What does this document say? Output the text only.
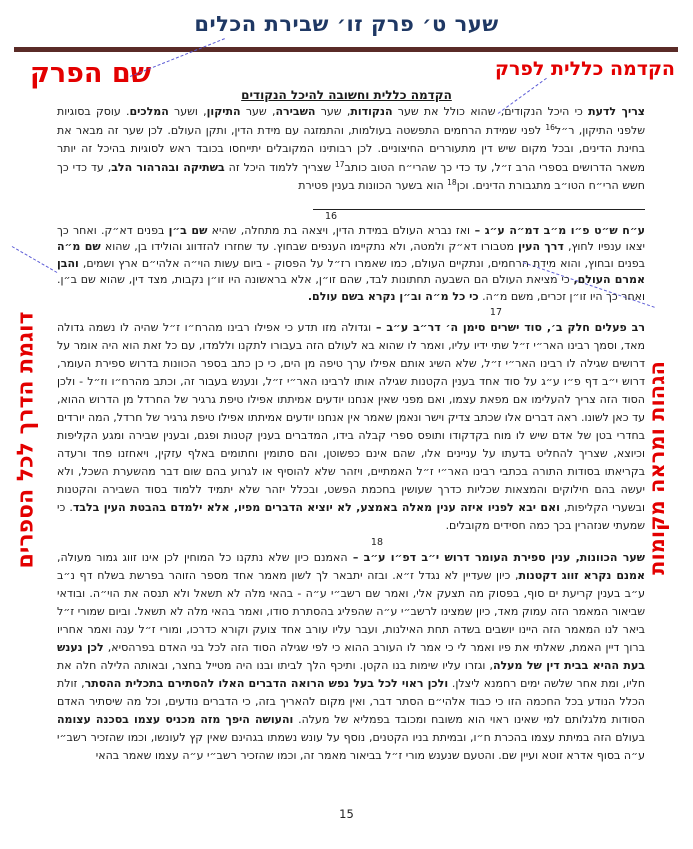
שער ט׳ פרק זו׳ שבירת הכלים
הקדמה כללית לפרק
שם הפרק
הקדמה כללית וחשובה להיכל הנקודים

צריך לדעת כי היכל הנקודים, שהוא כולל את שער הנקודות, שער השבירה, שער התיקון, ושער המלכים. עוסק בסוגיות שלפני התיקון, ר״ל$^{16}$ לפני שמידת הרחמים התפשטה בעולמות, והתמזגה עם מידת הדין, ותקן העולם. לכן שער זה מבאר את בחינת הדינים, ובכל מקום שיש דין מתעוררים החיצוניים. לכן רבותינו המקובלים יתייחסו בכובד ראש לסוגיות בהיכל זה יותר משאר הדרושים בספרי הרב ז״ל, עד כדי כך שהרי״ח הטוב כותב$^{17}$ שצריך ללמוד היכל זה בשתיקה ובהרהור הלב, עד כדי כך חשש הרי״ח הטו״ב מתגבורת הדינים. וכן$^{18}$ הוא בשער הכוונות בענין פטירת

16

ע״ח ש״ט פ״ו מ״ב דמ״ה ע״ג – ואז נברא העולם במידת הדין, ויצאה בת מתחלה, שהיא שם ב״ן בפנים דא״ק. ואחר כך יצאו ענפיו לחוץ, דרך העין מטבורו דא״ק ולמטה, ולא נתקיימו הענפים שבחוץ. עד שחזרו להזדווג והולידו בן, שהוא שם מ״ה בפנים ובחוץ, והוא מידת הרחמים, ונתקיים העולם, כמו שאמרו רז״ל על הפסוק - ביום עשות הוי״ה אלהי״ם ארץ ושמים, והבן אמרם העולם, כי מציאת העולם הם השבעה תחתונות לבד, שהם זו״ן, אלא בראשונה היו זו״ן נקבות, מצד דין, שהוא שם ב״ן. ואחר כך היו זו״ן זכרים, משם מ״ה. כי כל מ״ה וב״ן נקרא בשם עולם.

17

רב פעלים חלק ב׳, סוד ישרים סימן ה׳ דר״ב ע״ב – וגדולה מזו תדע כי אפילו רבינו מהרח״ו ז״ל שהיה לו נשמה גדולה מאד, וסמך רבינו האר״י ז״ל שתי ידיו עליו, ואמר לו שהוא בא לעולם הזה בעבורו לתקנו וללמדו, עם כל זאת הוא היה אומר על דרושים שגילה לו רבינו האר״י ז״ל, שלא השיג אותם אפילו ערך טיפה מן הים, כי כן כתב בספר הכוונות בדרוש ספירת העומר, דרוש י״ב דף פ״ו ע״ג על סוד אחד בענין הקטנות שגילה אותו לרבינו האר״י ז״ל, ונענש בעבור זה, וכתב מהרח״ו וז״ל - ולכן הסוד הזה צריך להעלימו אם מפאת עצמו, ואם מפני שאין אנחנו יודעים אמיתתו אפילו טיפת גרגיר של החרדל מן הדרוש ההוא, עד כאן לשונו. ראה דברים אלו שכתב צדיק וישר ונאמן שאמר אין אנחנו יודעים אמיתתו אפילו טיפת גרגיר של חרדל, המה יורדים בחדרי בטן של אדם שיש לו מוח בקדקודו ותופס ספרי קבלה בידו, המדברים בענין קטנות ופגם, ובענין שבירה ומגע הקליפות וכיוצא, שצריך להחליט בדעתו על עניינים אלו, שהם אינם כפשוטן, והם סתומין וחתומים באלף עזקין, ויאחזנו פחד ורעדה בקריאתו בסודות התורה בכתבי רבינו האר״י ז״ל האמתיים, ויזהר שלא להוסיף או לגרוע בהם שום דבר מהשערת השכל, ולא יעשה בהם חילוקים והמצאות שכליות כדרך שעושין בחכמת הפשט, ובכלל יזהר שלא יתמיד ללמוד בסוד השבירה והקטנות ובשערי הקליפות, ואם יבא לפניו איזה ענין מאלה באמצע, לא יוציא הדברים מפיו, אלא ילמדם בהבטת העין בלבד. כי שמעתי שנזהרין בכך כמה חסידים מקובלים.

18

שער הכוונות, ענין ספירת העומר דרוש י״ב דפ״ו ע״ב – האמנם כיון שלא נתקנו כל המוחין לכן אינו זווג גמור מעולה, אמנם נקרא זווג דקטנות, כיון שעדיין לא נגדל ז״א. ובזה יתבאר לך לשון מאמר אחד מספר הזוהר בפרשת בשלח דף נ״ב ע״ב בענין קריעת ים סוף, בפסוק מה תצעק אלי, ואמר שם רשב״י ע״ה - בהאי מלה לא תשאל ולא תנסה את הוי״ה. ובודאי שביאור המאמר הזה עמוק מאד, כיון שמצינו לרשב״י ע״ה שהפליג בהסתרת סודו, ואמר בהאי מלה לא תשאל. וביום שמורי ז״ל ביאר לנו המאמר הזה היינו יושבים בשדה תחת האילנות, ועבר עליו עורב אחד צועק וקורא כדרכו, ומורי ז״ל ענה ואמר אחריו ברוך דיין האמת, שאלתי את פיו ואמר לי כי אמר לו העורב ההוא כי לפי שגילה הסוד הזה לכל בני האדם בפרהסיא, לכן נענש בעת ההיא בבית דין של מעלה, וגזרו עליו שימות בנו הקטן. ותיכף הלך לביתו ובנו היה מטייל בחצר, ובאותה הלילה חלה את חליו, ומת אחר שלשה ימים רחמנא ליצלן. ולכן ראוי לכל בעל נפש הרואה הדברים האלו להסתירם בתכלית ההסתר, זולת הכלל הנודע בכל החכמה הזו כי כבוד אלהי״ם הסתר דבר, ואין מקום להאריך בזה, כי הדברים נודעים, וכל מה שיסתיר האדם הסודות מלגלותם למי שאינו ראוי הוא משובח ומכובד בפמליא של מעלה. והעושה היפך מזה מכניס עצמו בסכנה עצומה בעולם הזה במיתת עצמו בהכרת ח״ו, ובמיתת בניו הקטנים, נוסף על עונש נשמתו בגהינם שאין קץ לעונשו, וכמו שהזכיר רשב״י ע״ה בסוף אדרא זוטא ועיין שם. והטעם שנענש מורי ז״ל בביאור מאמר זה, וכמו שהזכיר רשב״י ע״ה עצמו שאמר בהאי

דוגמת הדרך לכל הספרים	הגהות ומראה מקומות
15
